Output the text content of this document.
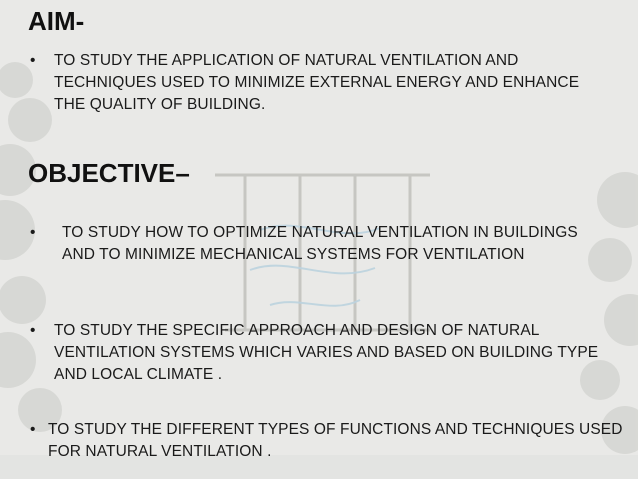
AIM-
•	TO STUDY THE APPLICATION OF NATURAL VENTILATION AND TECHNIQUES USED TO MINIMIZE EXTERNAL ENERGY AND ENHANCE THE QUALITY OF BUILDING.
OBJECTIVE–
•	TO STUDY HOW TO OPTIMIZE NATURAL VENTILATION IN BUILDINGS AND TO MINIMIZE MECHANICAL SYSTEMS FOR VENTILATION
•	TO STUDY THE SPECIFIC APPROACH AND DESIGN OF NATURAL VENTILATION SYSTEMS WHICH VARIES AND BASED ON BUILDING TYPE AND LOCAL CLIMATE .
• TO STUDY THE DIFFERENT TYPES OF FUNCTIONS AND TECHNIQUES USED FOR NATURAL VENTILATION .
